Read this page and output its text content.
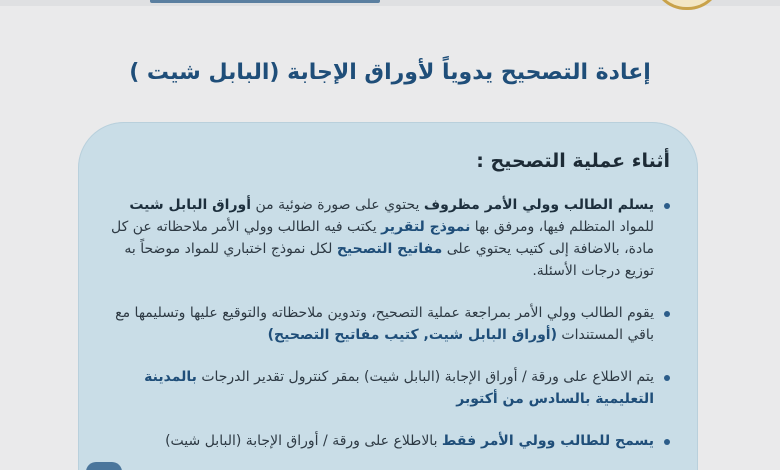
إعادة التصحيح يدوياً لأوراق الإجابة (البابل شيت )
أثناء عملية التصحيح :
يسلم الطالب وولي الأمر مظروف يحتوي على صورة ضوئية من أوراق البابل شيت للمواد المتظلم فيها، ومرفق بها نموذج لتقرير يكتب فيه الطالب وولي الأمر ملاحظاته عن كل مادة، بالاضافة إلى كتيب يحتوي على مفاتيح التصحيح لكل نموذج اختباري للمواد موضحاً به توزيع درجات الأسئلة.
يقوم الطالب وولي الأمر بمراجعة عملية التصحيح، وتدوين ملاحظاته والتوقيع عليها وتسليمها مع باقي المستندات (أوراق البابل شيت, كتيب مفاتيح التصحيح)
يتم الاطلاع على ورقة / أوراق الإجابة (البابل شيت) بمقر كنترول تقدير الدرجات بالمدينة التعليمية بالسادس من أكتوبر
يسمح للطالب وولي الأمر فقط بالاطلاع على ورقة / أوراق الإجابة (البابل شيت)
